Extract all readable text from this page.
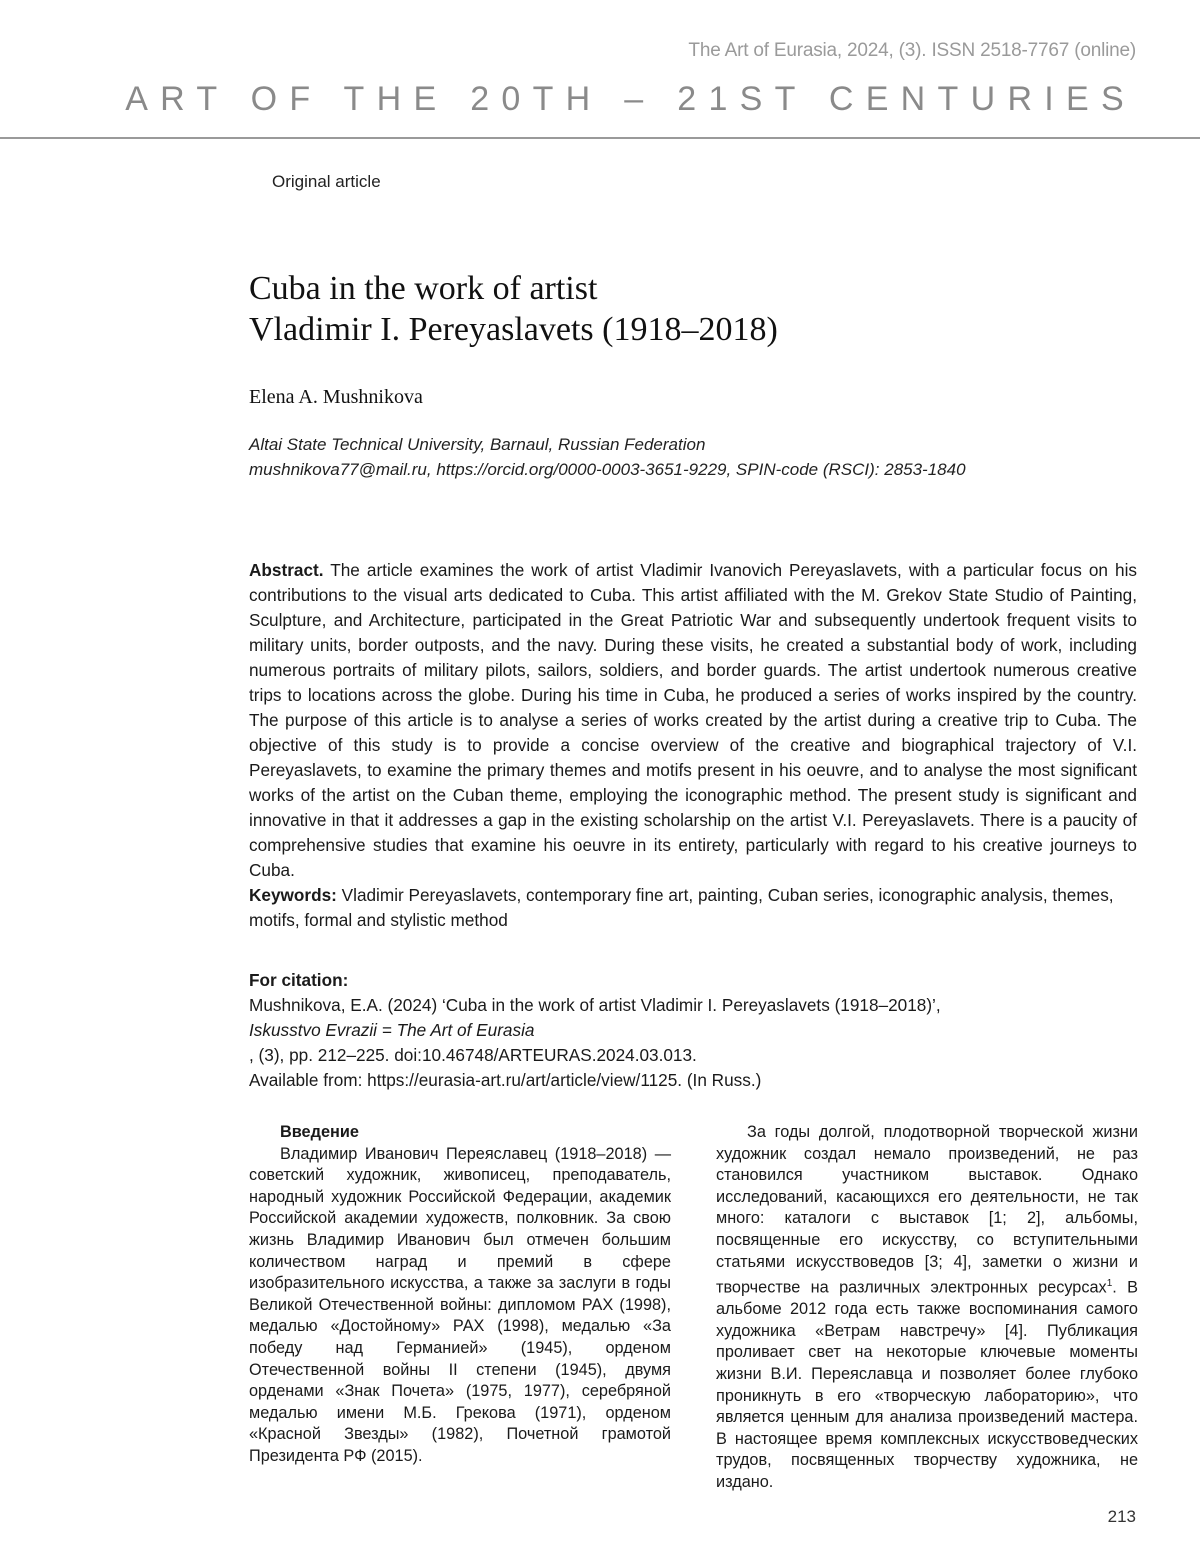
The Art of Eurasia, 2024, (3). ISSN 2518-7767 (online)
ART OF THE 20TH – 21ST CENTURIES
Original article
Cuba in the work of artist
Vladimir I. Pereyaslavets (1918–2018)
Elena A. Mushnikova
Altai State Technical University, Barnaul, Russian Federation
mushnikova77@mail.ru, https://orcid.org/0000-0003-3651-9229, SPIN-code (RSCI): 2853-1840

Abstract. The article examines the work of artist Vladimir Ivanovich Pereyaslavets, with a particular focus on his contributions to the visual arts dedicated to Cuba. This artist affiliated with the M. Grekov State Studio of Painting, Sculpture, and Architecture, participated in the Great Patriotic War and subsequently undertook frequent visits to military units, border outposts, and the navy. During these visits, he created a substantial body of work, including numerous portraits of military pilots, sailors, soldiers, and border guards. The artist undertook numerous creative trips to locations across the globe. During his time in Cuba, he produced a series of works inspired by the country. The purpose of this article is to analyse a series of works created by the artist during a creative trip to Cuba. The objective of this study is to provide a concise overview of the creative and biographical trajectory of V.I. Pereyaslavets, to examine the primary themes and motifs present in his oeuvre, and to analyse the most significant works of the artist on the Cuban theme, employing the iconographic method. The present study is significant and innovative in that it addresses a gap in the existing scholarship on the artist V.I. Pereyaslavets. There is a paucity of comprehensive studies that examine his oeuvre in its entirety, particularly with regard to his creative journeys to Cuba.

Keywords: Vladimir Pereyaslavets, contemporary fine art, painting, Cuban series, iconographic analysis, themes, motifs, formal and stylistic method

For citation:
Mushnikova, E.A. (2024) ‘Cuba in the work of artist Vladimir I. Pereyaslavets (1918–2018)’,
Iskusstvo Evrazii = The Art of Eurasia
, (3), pp. 212–225. doi:10.46748/ARTEURAS.2024.03.013.
Available from: https://eurasia-art.ru/art/article/view/1125. (In Russ.)

Введение

Владимир Иванович Переяславец (1918–2018) — советский художник, живописец, преподаватель, народный художник Российской Федерации, академик Российской академии художеств, полковник. За свою жизнь Владимир Иванович был отмечен большим количеством наград и премий в сфере изобразительного искусства, а также за заслуги в годы Великой Отечественной войны: дипломом РАХ (1998), медалью «Достойному» РАХ (1998), медалью «За победу над Германией» (1945), орденом Отечественной войны II степени (1945), двумя орденами «Знак Почета» (1975, 1977), серебряной медалью имени М.Б. Грекова (1971), орденом «Красной Звезды» (1982), Почетной грамотой Президента РФ (2015).

За годы долгой, плодотворной творческой жизни художник создал немало произведений, не раз становился участником выставок. Однако исследований, касающихся его деятельности, не так много: каталоги с выставок [1; 2], альбомы, посвященные его искусству, со вступительными статьями искусствоведов [3; 4], заметки о жизни и творчестве на различных электронных ресурсах$^1$. В альбоме 2012 года есть также воспоминания самого художника «Ветрам навстречу» [4]. Публикация проливает свет на некоторые ключевые моменты жизни В.И. Переяславца и позволяет более глубоко проникнуть в его «творческую лабораторию», что является ценным для анализа произведений мастера. В настоящее время комплексных искусствоведческих трудов, посвященных творчеству художника, не издано.

213
